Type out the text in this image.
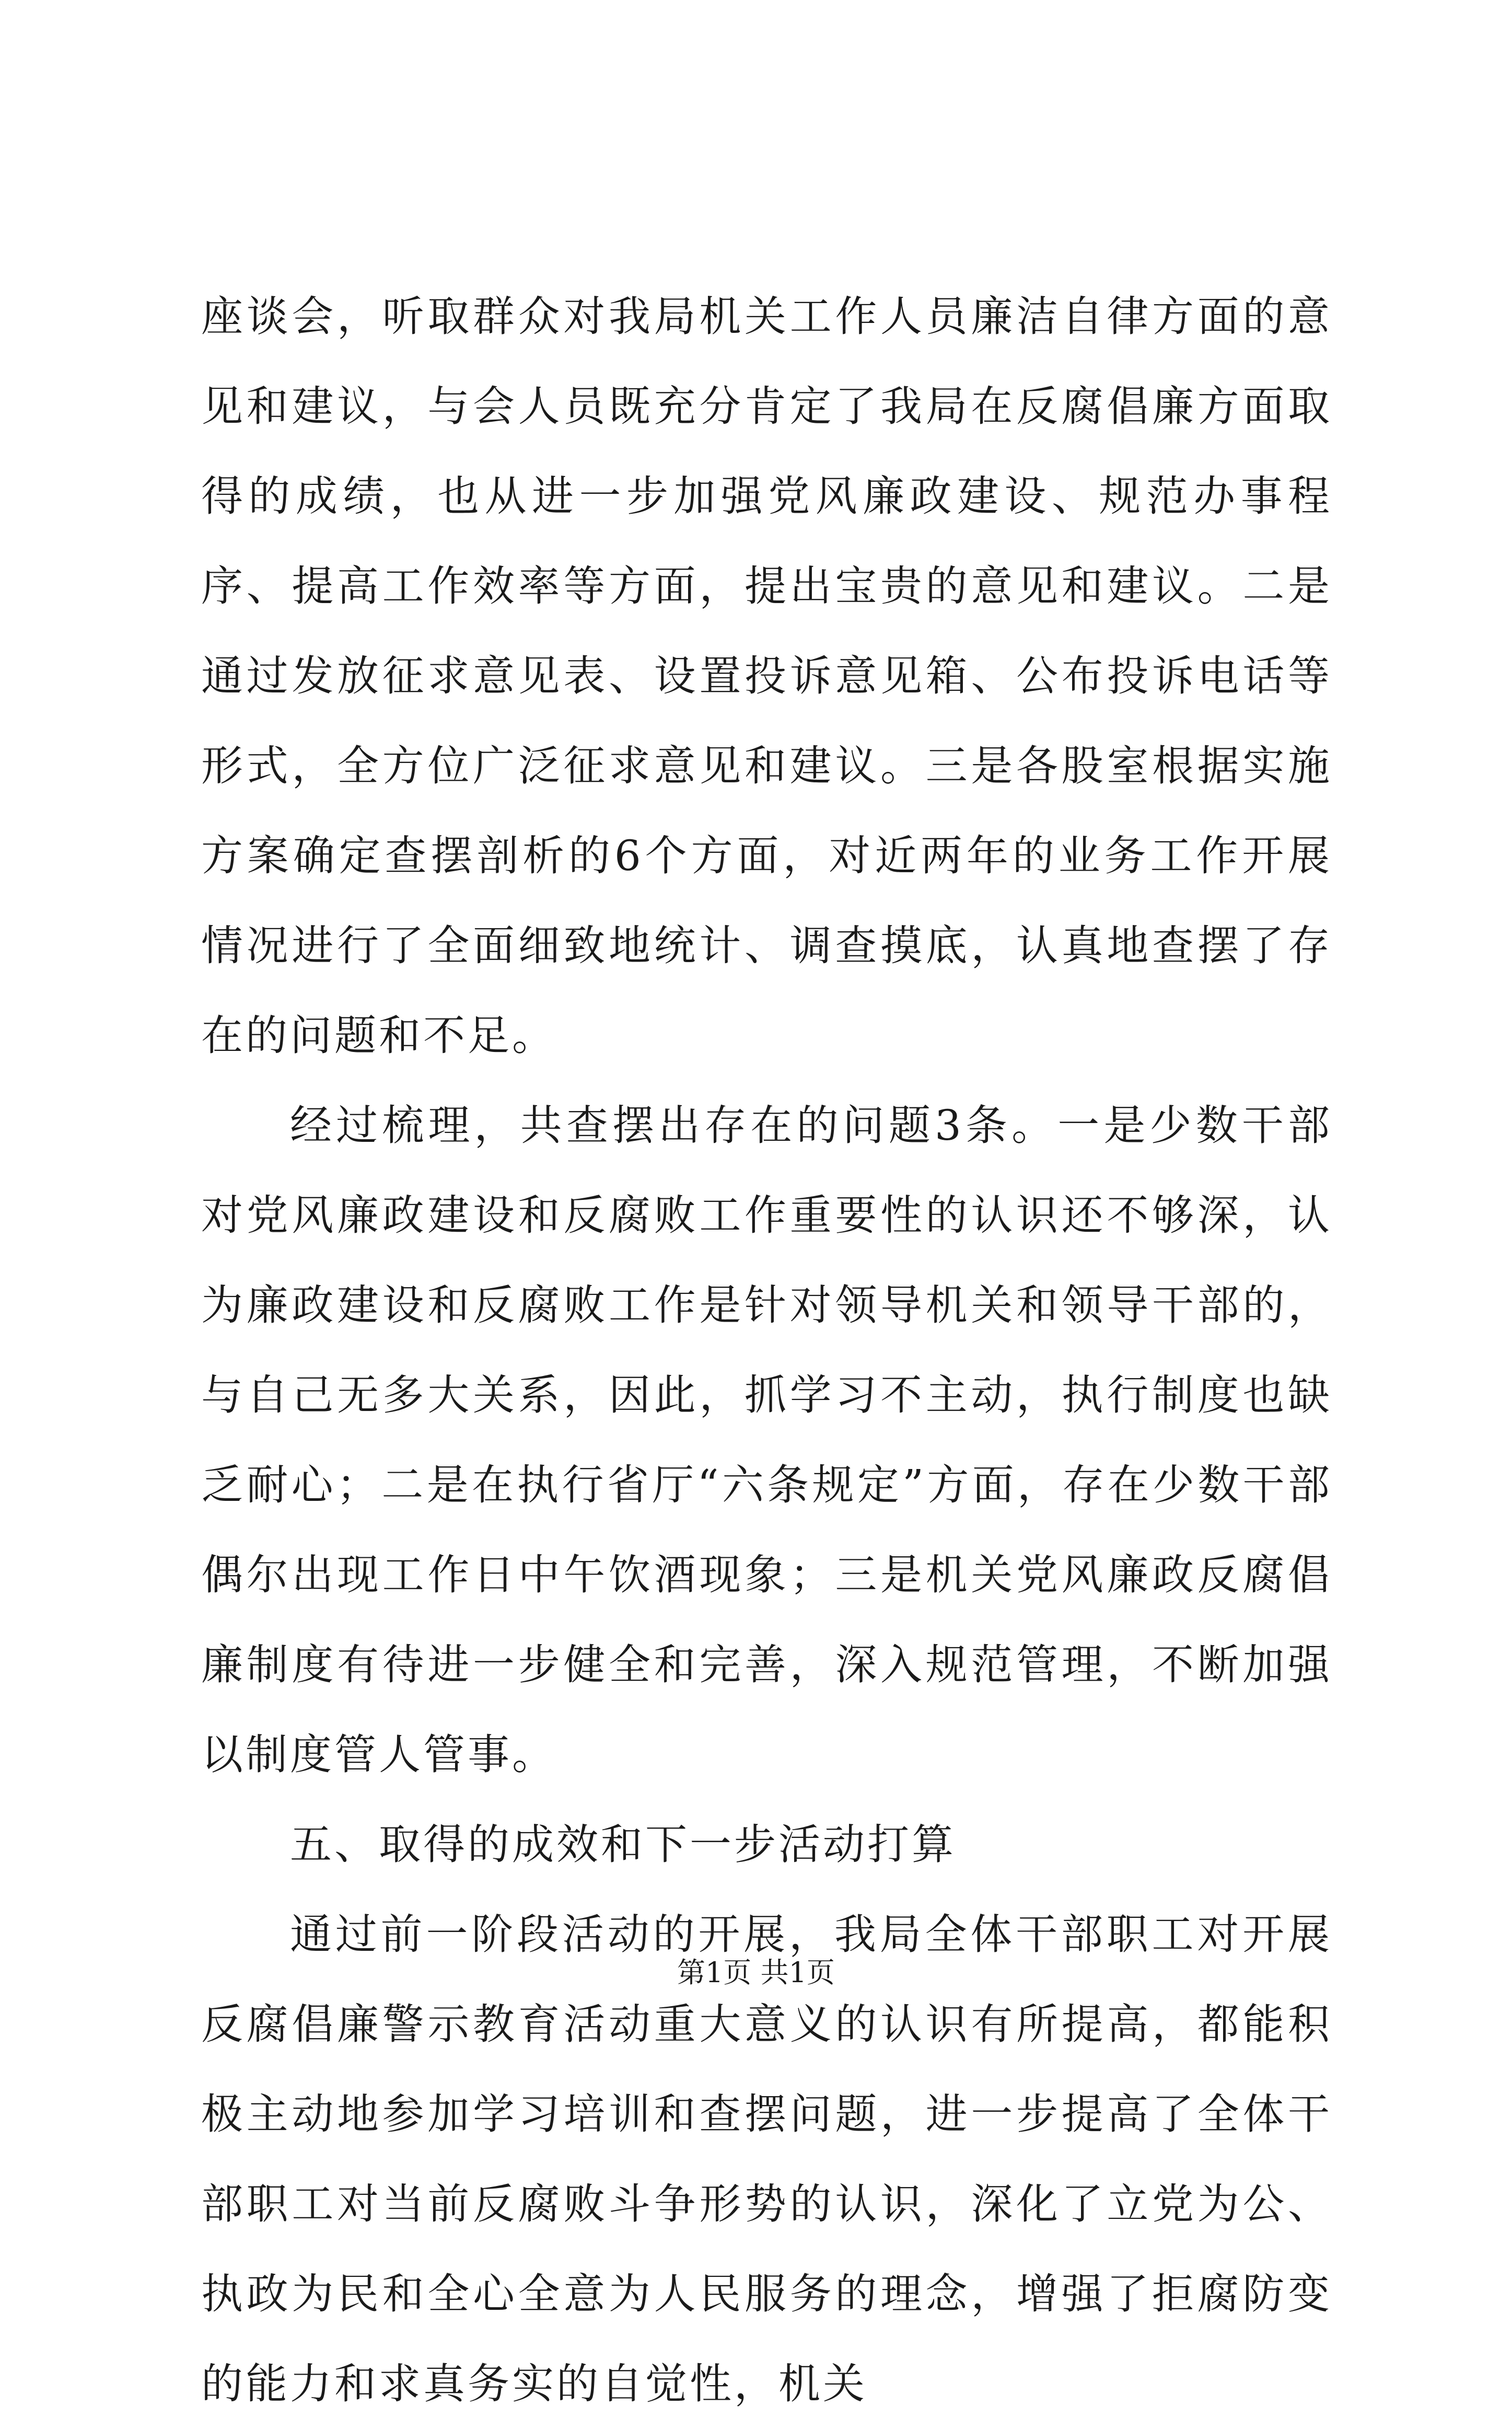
座谈会，听取群众对我局机关工作人员廉洁自律方面的意见和建议，与会人员既充分肯定了我局在反腐倡廉方面取得的成绩，也从进一步加强党风廉政建设、规范办事程序、提高工作效率等方面，提出宝贵的意见和建议。二是通过发放征求意见表、设置投诉意见箱、公布投诉电话等形式，全方位广泛征求意见和建议。三是各股室根据实施方案确定查摆剖析的6个方面，对近两年的业务工作开展情况进行了全面细致地统计、调查摸底，认真地查摆了存在的问题和不足。

经过梳理，共查摆出存在的问题3条。一是少数干部对党风廉政建设和反腐败工作重要性的认识还不够深，认为廉政建设和反腐败工作是针对领导机关和领导干部的，与自己无多大关系，因此，抓学习不主动，执行制度也缺乏耐心；二是在执行省厅“六条规定”方面，存在少数干部偶尔出现工作日中午饮酒现象；三是机关党风廉政反腐倡廉制度有待进一步健全和完善，深入规范管理，不断加强以制度管人管事。

五、取得的成效和下一步活动打算

通过前一阶段活动的开展，我局全体干部职工对开展反腐倡廉警示教育活动重大意义的认识有所提高，都能积极主动地参加学习培训和查摆问题，进一步提高了全体干部职工对当前反腐败斗争形势的认识，深化了立党为公、执政为民和全心全意为人民服务的理念，增强了拒腐防变的能力和求真务实的自觉性，机关

第1页 共1页
